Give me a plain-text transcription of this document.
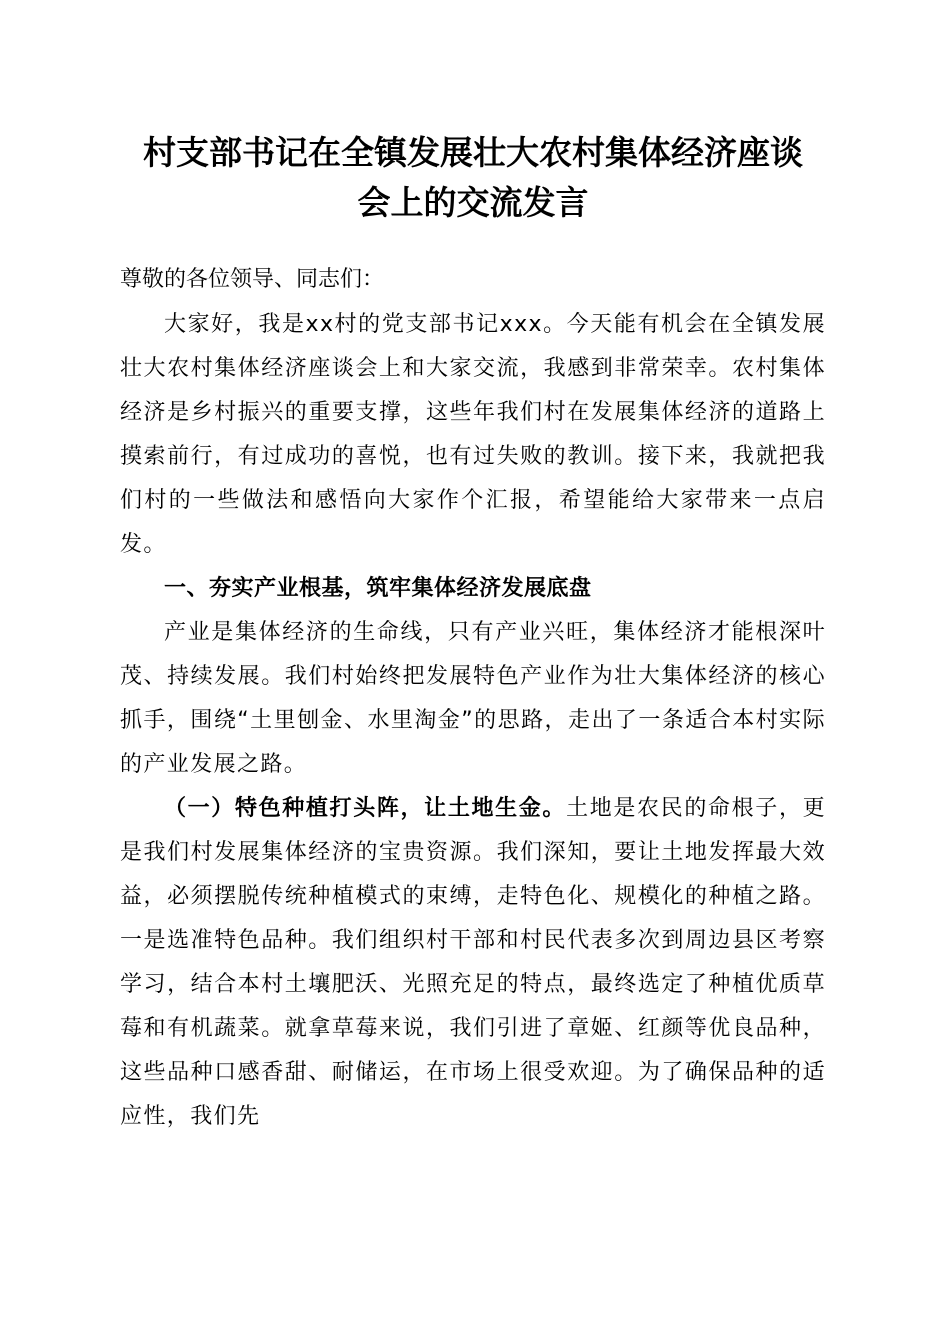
村支部书记在全镇发展壮大农村集体经济座谈
会上的交流发言

尊敬的各位领导、同志们：

大家好，我是xx村的党支部书记xxx。今天能有机会在全镇发展壮大农村集体经济座谈会上和大家交流，我感到非常荣幸。农村集体经济是乡村振兴的重要支撑，这些年我们村在发展集体经济的道路上摸索前行，有过成功的喜悦，也有过失败的教训。接下来，我就把我们村的一些做法和感悟向大家作个汇报，希望能给大家带来一点启发。

一、夯实产业根基，筑牢集体经济发展底盘

产业是集体经济的生命线，只有产业兴旺，集体经济才能根深叶茂、持续发展。我们村始终把发展特色产业作为壮大集体经济的核心抓手，围绕“土里刨金、水里淘金”的思路，走出了一条适合本村实际的产业发展之路。

（一）特色种植打头阵，让土地生金。土地是农民的命根子，更是我们村发展集体经济的宝贵资源。我们深知，要让土地发挥最大效益，必须摆脱传统种植模式的束缚，走特色化、规模化的种植之路。一是选准特色品种。我们组织村干部和村民代表多次到周边县区考察学习，结合本村土壤肥沃、光照充足的特点，最终选定了种植优质草莓和有机蔬菜。就拿草莓来说，我们引进了章姬、红颜等优良品种，这些品种口感香甜、耐储运，在市场上很受欢迎。为了确保品种的适应性，我们先
